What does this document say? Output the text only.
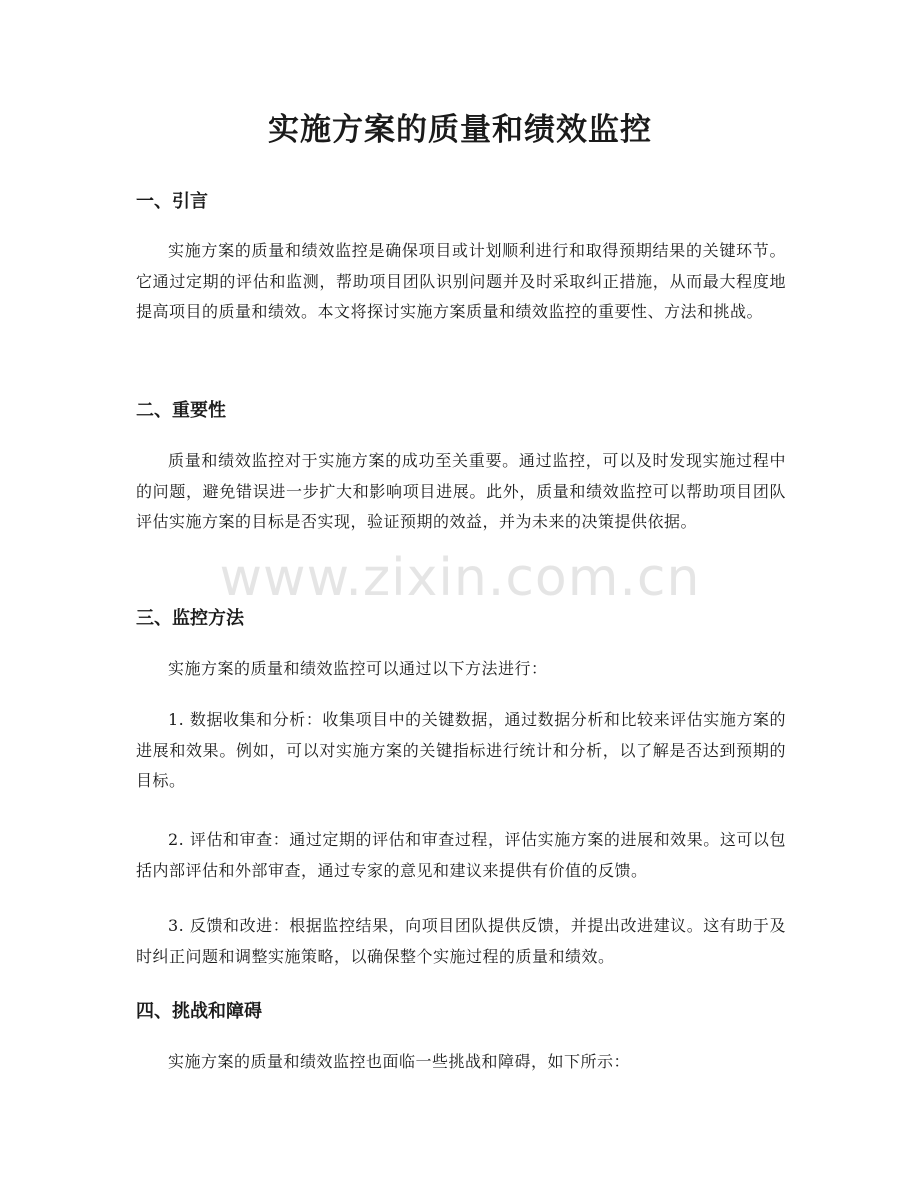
实施方案的质量和绩效监控
一、引言

实施方案的质量和绩效监控是确保项目或计划顺利进行和取得预期结果的关键环节。它通过定期的评估和监测，帮助项目团队识别问题并及时采取纠正措施，从而最大程度地提高项目的质量和绩效。本文将探讨实施方案质量和绩效监控的重要性、方法和挑战。

二、重要性

质量和绩效监控对于实施方案的成功至关重要。通过监控，可以及时发现实施过程中的问题，避免错误进一步扩大和影响项目进展。此外，质量和绩效监控可以帮助项目团队评估实施方案的目标是否实现，验证预期的效益，并为未来的决策提供依据。

三、监控方法

实施方案的质量和绩效监控可以通过以下方法进行：

1. 数据收集和分析：收集项目中的关键数据，通过数据分析和比较来评估实施方案的进展和效果。例如，可以对实施方案的关键指标进行统计和分析，以了解是否达到预期的目标。

2. 评估和审查：通过定期的评估和审查过程，评估实施方案的进展和效果。这可以包括内部评估和外部审查，通过专家的意见和建议来提供有价值的反馈。

3. 反馈和改进：根据监控结果，向项目团队提供反馈，并提出改进建议。这有助于及时纠正问题和调整实施策略，以确保整个实施过程的质量和绩效。

四、挑战和障碍

实施方案的质量和绩效监控也面临一些挑战和障碍，如下所示：

www.zixin.com.cn
